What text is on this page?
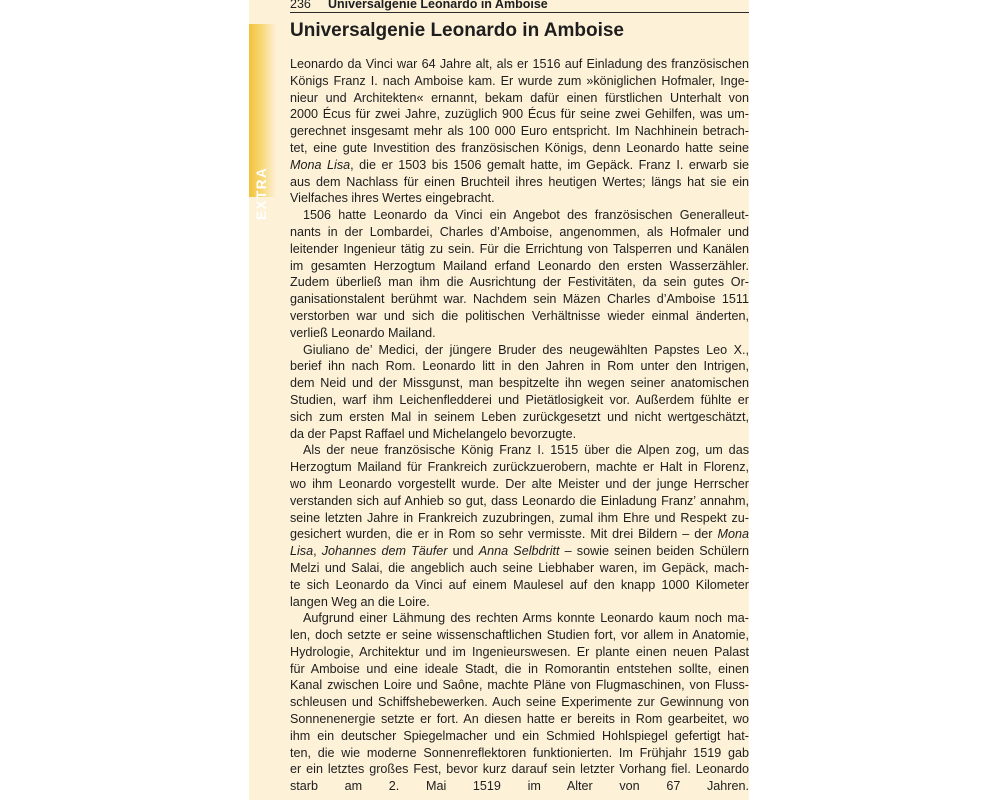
236 Universalgenie Leonardo in Amboise
EXTRA
Universalgenie Leonardo in Amboise
Leonardo da Vinci war 64 Jahre alt, als er 1516 auf Einladung des französischen
Königs Franz I. nach Amboise kam. Er wurde zum »königlichen Hofmaler, Inge-
nieur und Architekten« ernannt, bekam dafür einen fürstlichen Unterhalt von
2000 Écus für zwei Jahre, zuzüglich 900 Écus für seine zwei Gehilfen, was um-
gerechnet insgesamt mehr als 100 000 Euro entspricht. Im Nachhinein betrach-
tet, eine gute Investition des französischen Königs, denn Leonardo hatte seine
Mona Lisa, die er 1503 bis 1506 gemalt hatte, im Gepäck. Franz I. erwarb sie
aus dem Nachlass für einen Bruchteil ihres heutigen Wertes; längs hat sie ein
Vielfaches ihres Wertes eingebracht.
1506 hatte Leonardo da Vinci ein Angebot des französischen Generalleut-
nants in der Lombardei, Charles d’Amboise, angenommen, als Hofmaler und
leitender Ingenieur tätig zu sein. Für die Errichtung von Talsperren und Kanälen
im gesamten Herzogtum Mailand erfand Leonardo den ersten Wasserzähler.
Zudem überließ man ihm die Ausrichtung der Festivitäten, da sein gutes Or-
ganisationstalent berühmt war. Nachdem sein Mäzen Charles d’Amboise 1511
verstorben war und sich die politischen Verhältnisse wieder einmal änderten,
verließ Leonardo Mailand.
Giuliano de’ Medici, der jüngere Bruder des neugewählten Papstes Leo X.,
berief ihn nach Rom. Leonardo litt in den Jahren in Rom unter den Intrigen,
dem Neid und der Missgunst, man bespitzelte ihn wegen seiner anatomischen
Studien, warf ihm Leichenfledderei und Pietätlosigkeit vor. Außerdem fühlte er
sich zum ersten Mal in seinem Leben zurückgesetzt und nicht wertgeschätzt,
da der Papst Raffael und Michelangelo bevorzugte.
Als der neue französische König Franz I. 1515 über die Alpen zog, um das
Herzogtum Mailand für Frankreich zurückzuerobern, machte er Halt in Florenz,
wo ihm Leonardo vorgestellt wurde. Der alte Meister und der junge Herrscher
verstanden sich auf Anhieb so gut, dass Leonardo die Einladung Franz’ annahm,
seine letzten Jahre in Frankreich zuzubringen, zumal ihm Ehre und Respekt zu-
gesichert wurden, die er in Rom so sehr vermisste. Mit drei Bildern – der Mona
Lisa, Johannes dem Täufer und Anna Selbdritt – sowie seinen beiden Schülern
Melzi und Salai, die angeblich auch seine Liebhaber waren, im Gepäck, mach-
te sich Leonardo da Vinci auf einem Maulesel auf den knapp 1000 Kilometer
langen Weg an die Loire.
Aufgrund einer Lähmung des rechten Arms konnte Leonardo kaum noch ma-
len, doch setzte er seine wissenschaftlichen Studien fort, vor allem in Anatomie,
Hydrologie, Architektur und im Ingenieurswesen. Er plante einen neuen Palast
für Amboise und eine ideale Stadt, die in Romorantin entstehen sollte, einen
Kanal zwischen Loire und Saône, machte Pläne von Flugmaschinen, von Fluss-
schleusen und Schiffshebewerken. Auch seine Experimente zur Gewinnung von
Sonnenenergie setzte er fort. An diesen hatte er bereits in Rom gearbeitet, wo
ihm ein deutscher Spiegelmacher und ein Schmied Hohlspiegel gefertigt hat-
ten, die wie moderne Sonnenreflektoren funktionierten. Im Frühjahr 1519 gab
er ein letztes großes Fest, bevor kurz darauf sein letzter Vorhang fiel. Leonardo
starb am 2. Mai 1519 im Alter von 67 Jahren.
